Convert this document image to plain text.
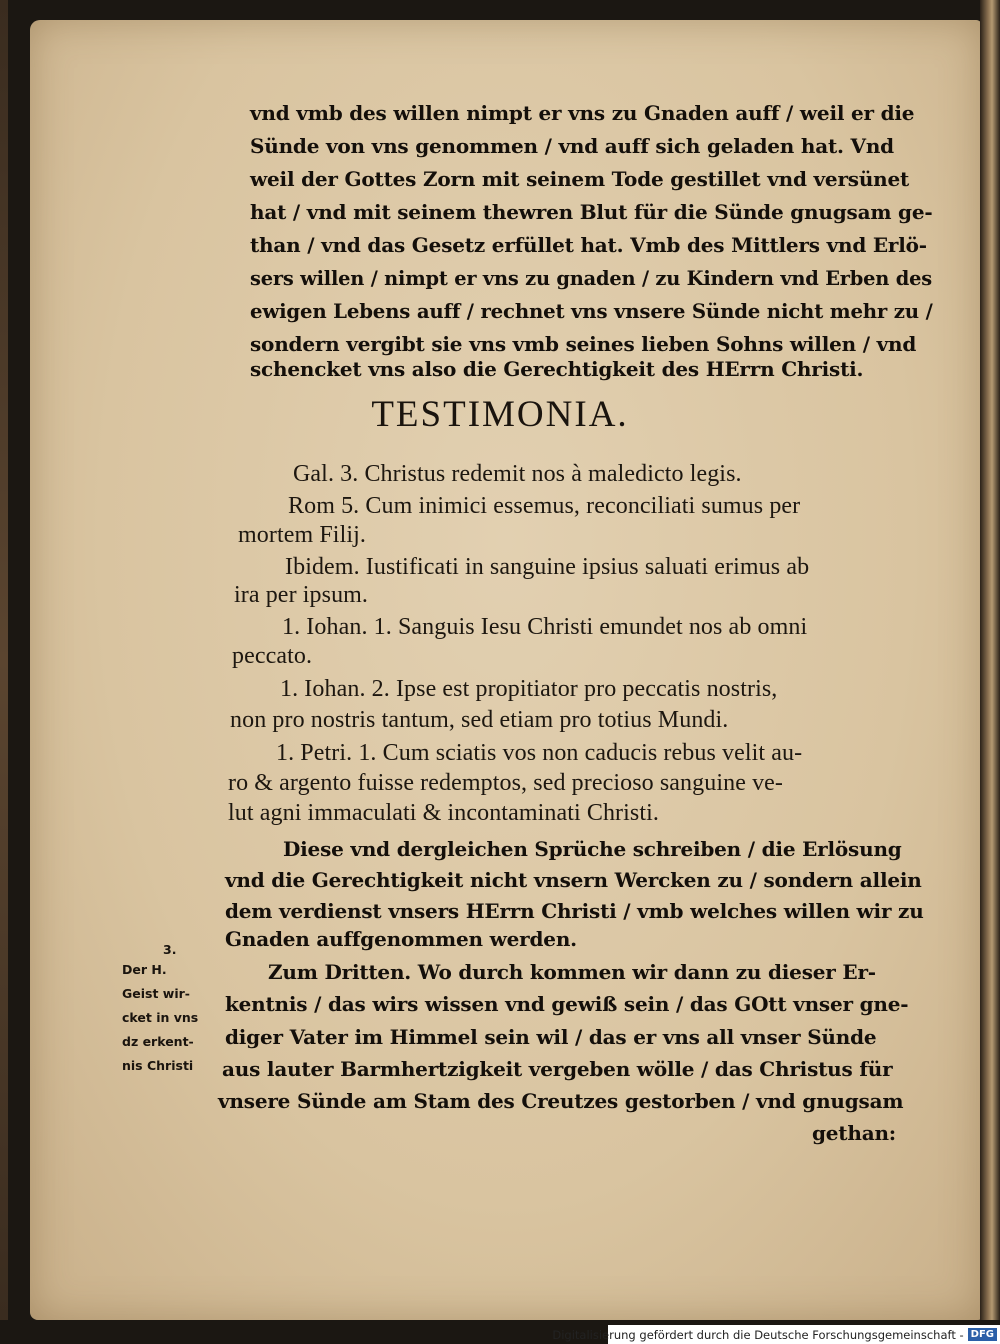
vnd vmb des willen nimpt er vns zu Gnaden auff / weil er die

Sünde von vns genommen / vnd auff sich geladen hat. Vnd

weil der Gottes Zorn mit seinem Tode gestillet vnd versünet

hat / vnd mit seinem thewren Blut für die Sünde gnugsam ge-

than / vnd das Gesetz erfüllet hat. Vmb des Mittlers vnd Erlö-

sers willen / nimpt er vns zu gnaden / zu Kindern vnd Erben des

ewigen Lebens auff / rechnet vns vnsere Sünde nicht mehr zu /

sondern vergibt sie vns vmb seines lieben Sohns willen / vnd

schencket vns also die Gerechtigkeit des HErrn Christi.

TESTIMONIA.

Gal. 3. Christus redemit nos à maledicto legis.

Rom 5. Cum inimici essemus, reconciliati sumus per

mortem Filij.

Ibidem. Iustificati in sanguine ipsius saluati erimus ab

ira per ipsum.

1. Iohan. 1. Sanguis Iesu Christi emundet nos ab omni

peccato.

1. Iohan. 2. Ipse est propitiator pro peccatis nostris,

non pro nostris tantum, sed etiam pro totius Mundi.

1. Petri. 1. Cum sciatis vos non caducis rebus velit au-

ro & argento fuisse redemptos, sed precioso sanguine ve-

lut agni immaculati & incontaminati Christi.

Diese vnd dergleichen Sprüche schreiben / die Erlösung

vnd die Gerechtigkeit nicht vnsern Wercken zu / sondern allein

dem verdienst vnsers HErrn Christi / vmb welches willen wir zu

Gnaden auffgenommen werden.

Zum Dritten. Wo durch kommen wir dann zu dieser Er-

kentnis / das wirs wissen vnd gewiß sein / das GOtt vnser gne-

diger Vater im Himmel sein wil / das er vns all vnser Sünde

aus lauter Barmhertzigkeit vergeben wölle / das Christus für

vnsere Sünde am Stam des Creutzes gestorben / vnd gnugsam

gethan:

3.
Der H.
Geist wir-
cket in vns
dz erkent-
nis Christi
Digitalisierung gefördert durch die Deutsche Forschungsgemeinschaft - DFG
